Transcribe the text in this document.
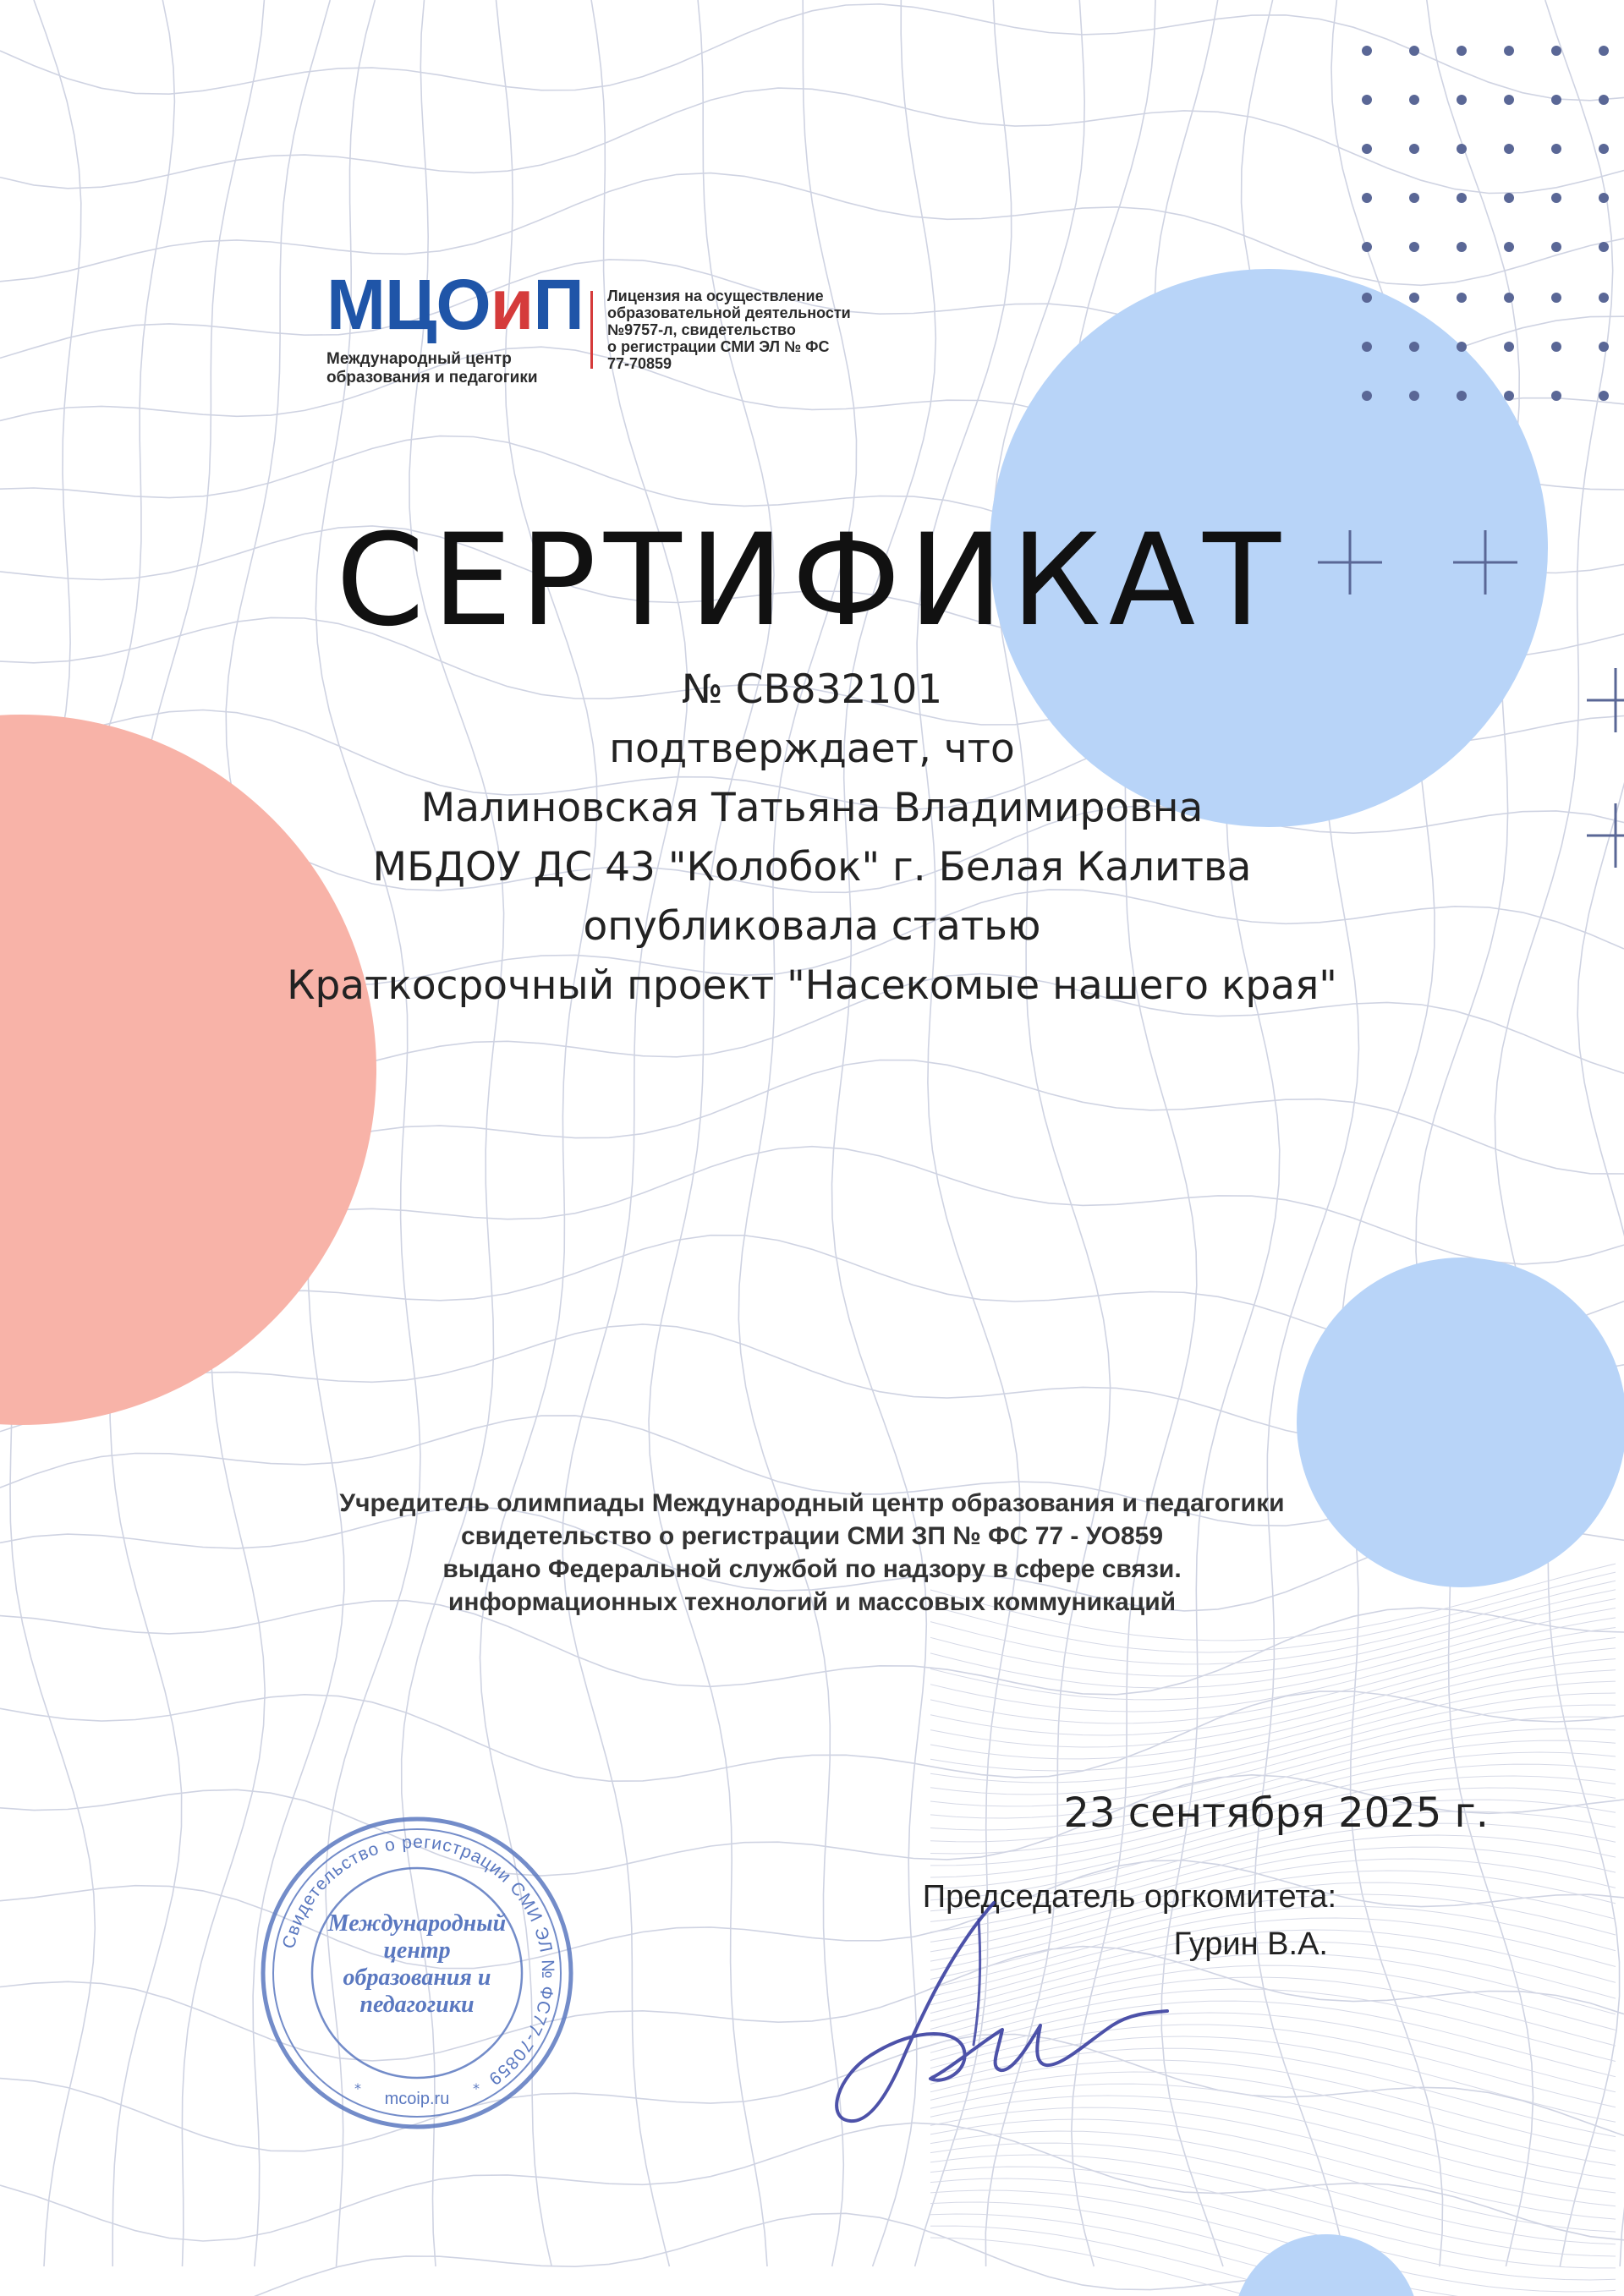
МЦОиП
Международный центр
образования и педагогики
Лицензия на осуществление
образовательной деятельности
№9757-л, свидетельство
о регистрации СМИ ЭЛ № ФС
77-70859
СЕРТИФИКАТ
№ СВ832101
подтверждает, что
Малиновская Татьяна Владимировна
МБДОУ ДС 43 "Колобок" г. Белая Калитва
опубликовала статью
Краткосрочный проект "Насекомые нашего края"
Учредитель олимпиады Международный центр образования и педагогики
свидетельство о регистрации СМИ ЗП № ФС 77 - УО859
выдано Федеральной службой по надзору в сфере связи.
информационных технологий и массовых коммуникаций
23 сентября 2025 г.
Председатель оргкомитета:
Гурин В.А.
Свидетельство о регистрации СМИ ЭЛ № ФС77-70859
Международный
центр
образования и
педагогики
mcoip.ru
*	*
